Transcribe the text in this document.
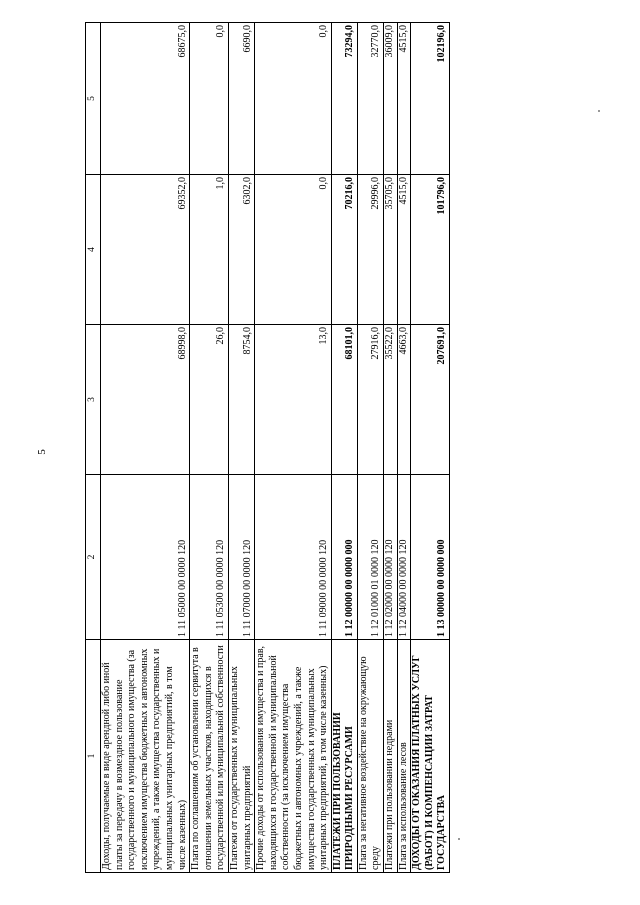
5
1	2	3	4	5
Доходы, получаемые в виде арендной либо иной платы за передачу в возмездное пользование государственного и муниципального имущества (за исключением имущества бюджетных и автономных учреждений, а также имущества государственных и муниципальных унитарных предприятий, в том числе казенных)	1 11 05000 00 0000 120	68998,0	69352,0	68675,0
Плата по соглашениям об установлении сервитута в отношении земельных участков, находящихся в государственной или муниципальной собственности	1 11 05300 00 0000 120	26,0	1,0	0,0
Платежи от государственных и муниципальных унитарных предприятий	1 11 07000 00 0000 120	8754,0	6302,0	6690,0
Прочие доходы от использования имущества и прав, находящихся в государственной и муниципальной собственности (за исключением имущества бюджетных и автономных учреждений, а также имущества государственных и муниципальных унитарных предприятий, в том числе казенных)	1 11 09000 00 0000 120	13,0	0,0	0,0
ПЛАТЕЖИ ПРИ ПОЛЬЗОВАНИИ ПРИРОДНЫМИ РЕСУРСАМИ	1 12 00000 00 0000 000	68101,0	70216,0	73294,0
Плата за негативное воздействие на окружающую среду	1 12 01000 01 0000 120	27916,0	29996,0	32770,0
Платежи при пользовании недрами	1 12 02000 00 0000 120	35522,0	35705,0	36009,0
Плата за использование лесов	1 12 04000 00 0000 120	4663,0	4515,0	4515,0
ДОХОДЫ ОТ ОКАЗАНИЯ ПЛАТНЫХ УСЛУГ (РАБОТ) И КОМПЕНСАЦИИ ЗАТРАТ ГОСУДАРСТВА	1 13 00000 00 0000 000	207691,0	101796,0	102196,0
